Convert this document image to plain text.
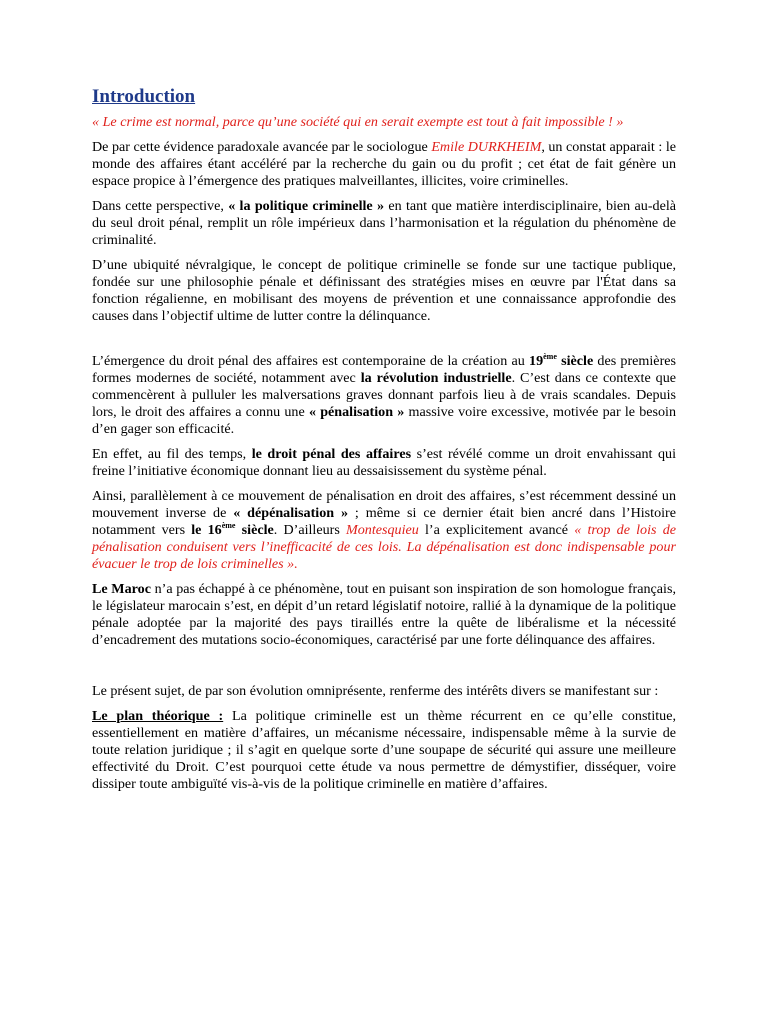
Introduction

« Le crime est normal, parce qu’une société qui en serait exempte est tout à fait impossible ! »

De par cette évidence paradoxale avancée par le sociologue Emile DURKHEIM, un constat apparait : le monde des affaires étant accéléré par la recherche du gain ou du profit ; cet état de fait génère un espace propice à l’émergence des pratiques malveillantes, illicites, voire criminelles.

Dans cette perspective, « la politique criminelle » en tant que matière interdisciplinaire, bien au-delà du seul droit pénal, remplit un rôle impérieux dans l’harmonisation et la régulation du phénomène de criminalité.

D’une ubiquité névralgique, le concept de politique criminelle se fonde sur une tactique publique, fondée sur une philosophie pénale et définissant des stratégies mises en œuvre par l'État dans sa fonction régalienne, en mobilisant des moyens de prévention et une connaissance approfondie des causes dans l’objectif ultime de lutter contre la délinquance.

L’émergence du droit pénal des affaires est contemporaine de la création au 19ème siècle des premières formes modernes de société, notamment avec la révolution industrielle. C’est dans ce contexte que commencèrent à pulluler les malversations graves donnant parfois lieu à de vrais scandales. Depuis lors, le droit des affaires a connu une « pénalisation » massive voire excessive, motivée par le besoin d’en gager son efficacité.

En effet, au fil des temps, le droit pénal des affaires s’est révélé comme un droit envahissant qui freine l’initiative économique donnant lieu au dessaisissement du système pénal.

Ainsi, parallèlement à ce mouvement de pénalisation en droit des affaires, s’est récemment dessiné un mouvement inverse de « dépénalisation » ; même si ce dernier était bien ancré dans l’Histoire notamment vers le 16ème siècle. D’ailleurs Montesquieu l’a explicitement avancé « trop de lois de pénalisation conduisent vers l’inefficacité de ces lois. La dépénalisation est donc indispensable pour évacuer le trop de lois criminelles ».

Le Maroc n’a pas échappé à ce phénomène, tout en puisant son inspiration de son homologue français, le législateur marocain s’est, en dépit d’un retard législatif notoire, rallié à la dynamique de la politique pénale adoptée par la majorité des pays tiraillés entre la quête de libéralisme et la nécessité d’encadrement des mutations socio-économiques, caractérisé par une forte délinquance des affaires.

Le présent sujet, de par son évolution omniprésente, renferme des intérêts divers se manifestant sur :

Le plan théorique : La politique criminelle est un thème récurrent en ce qu’elle constitue, essentiellement en matière d’affaires, un mécanisme nécessaire, indispensable même à la survie de toute relation juridique ; il s’agit en quelque sorte d’une soupape de sécurité qui assure une meilleure effectivité du Droit. C’est pourquoi cette étude va nous permettre de démystifier, disséquer, voire dissiper toute ambiguïté vis-à-vis de la politique criminelle en matière d’affaires.
